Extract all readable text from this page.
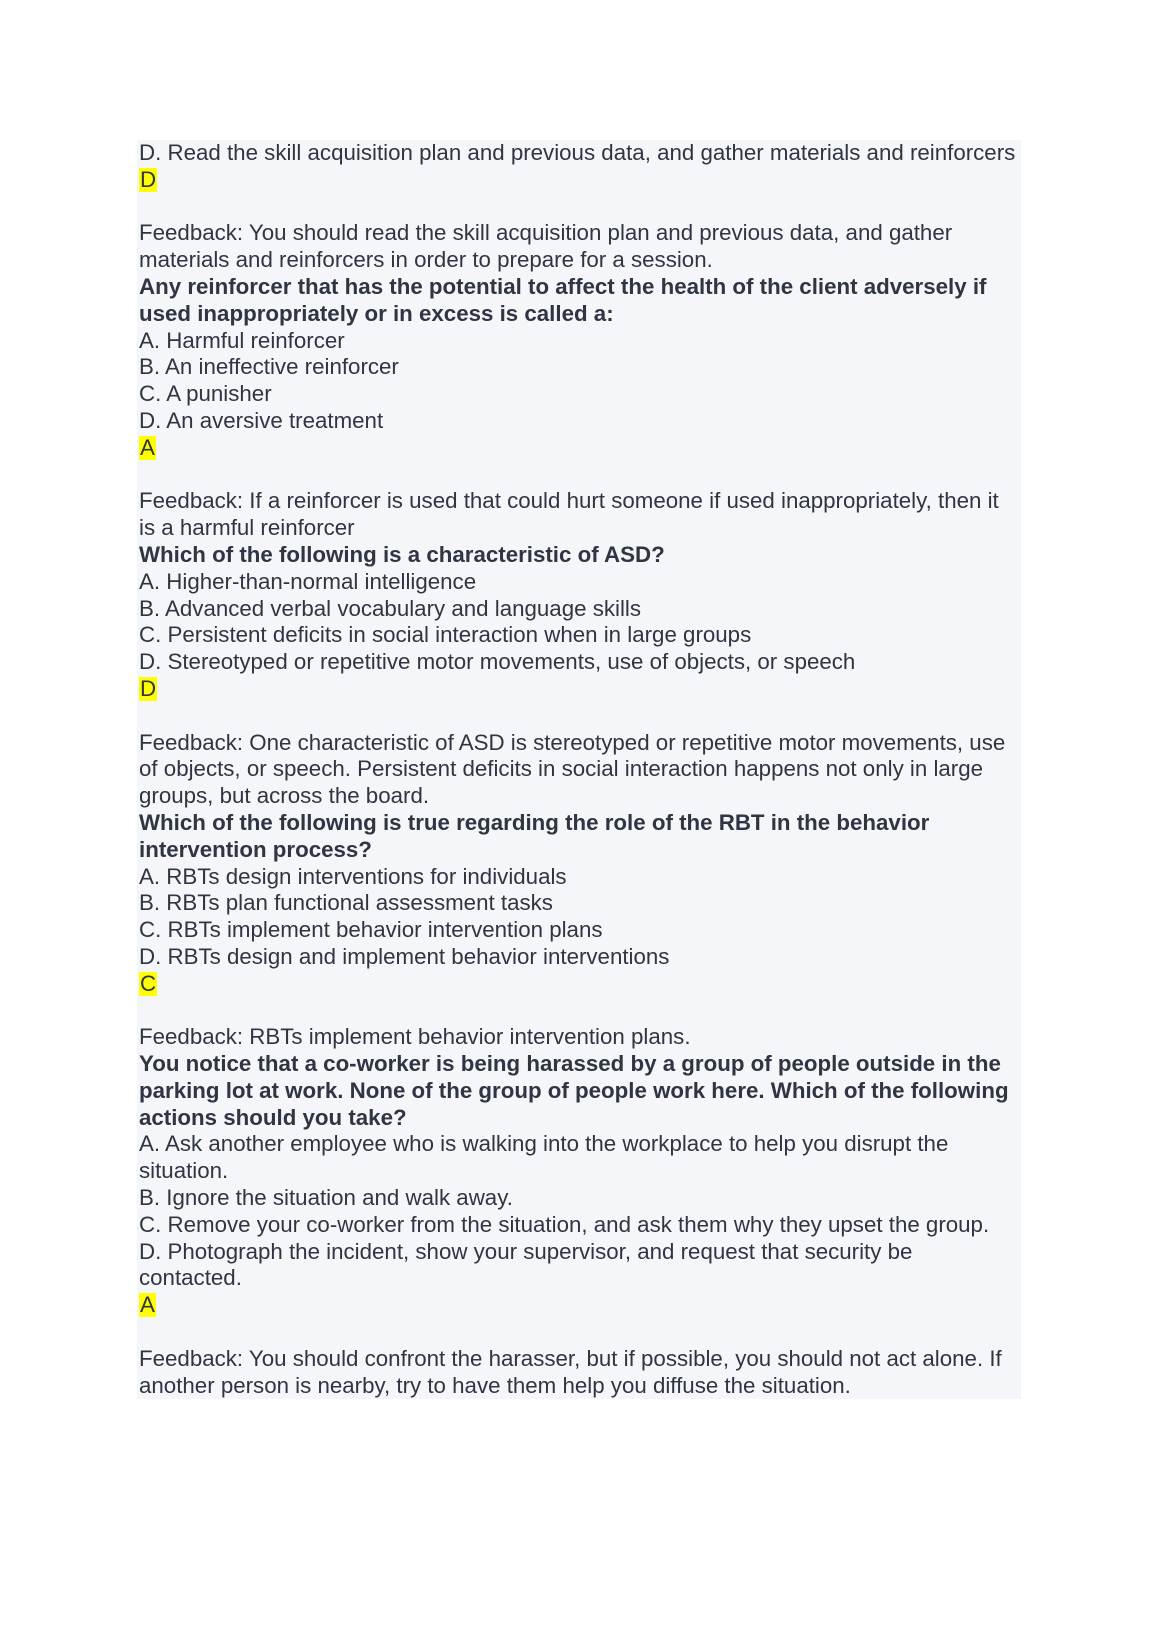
D. Read the skill acquisition plan and previous data, and gather materials and reinforcers
D
Feedback: You should read the skill acquisition plan and previous data, and gather materials and reinforcers in order to prepare for a session.
Any reinforcer that has the potential to affect the health of the client adversely if used inappropriately or in excess is called a:
A. Harmful reinforcer
B. An ineffective reinforcer
C. A punisher
D. An aversive treatment
A
Feedback: If a reinforcer is used that could hurt someone if used inappropriately, then it is a harmful reinforcer
Which of the following is a characteristic of ASD?
A. Higher-than-normal intelligence
B. Advanced verbal vocabulary and language skills
C. Persistent deficits in social interaction when in large groups
D. Stereotyped or repetitive motor movements, use of objects, or speech
D
Feedback: One characteristic of ASD is stereotyped or repetitive motor movements, use of objects, or speech. Persistent deficits in social interaction happens not only in large groups, but across the board.
Which of the following is true regarding the role of the RBT in the behavior intervention process?
A. RBTs design interventions for individuals
B. RBTs plan functional assessment tasks
C. RBTs implement behavior intervention plans
D. RBTs design and implement behavior interventions
C
Feedback: RBTs implement behavior intervention plans.
You notice that a co-worker is being harassed by a group of people outside in the parking lot at work. None of the group of people work here. Which of the following actions should you take?
A. Ask another employee who is walking into the workplace to help you disrupt the situation.
B. Ignore the situation and walk away.
C. Remove your co-worker from the situation, and ask them why they upset the group.
D. Photograph the incident, show your supervisor, and request that security be contacted.
A
Feedback: You should confront the harasser, but if possible, you should not act alone. If another person is nearby, try to have them help you diffuse the situation.
